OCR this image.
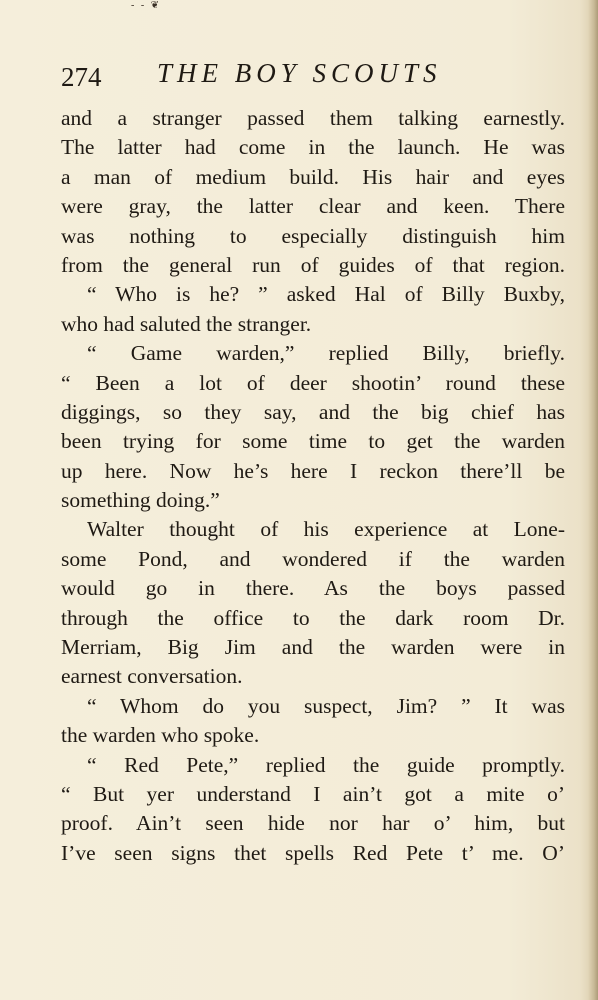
- - ❦
274 THE BOY SCOUTS
and a stranger passed them talking earnestly.
The latter had come in the launch. He was
a man of medium build. His hair and eyes
were gray, the latter clear and keen. There
was nothing to especially distinguish him
from the general run of guides of that region.
“ Who is he? ” asked Hal of Billy Buxby,
who had saluted the stranger.
“ Game warden,” replied Billy, briefly.
“ Been a lot of deer shootin’ round these
diggings, so they say, and the big chief has
been trying for some time to get the warden
up here. Now he’s here I reckon there’ll be
something doing.”
Walter thought of his experience at Lone-
some Pond, and wondered if the warden
would go in there. As the boys passed
through the office to the dark room Dr.
Merriam, Big Jim and the warden were in
earnest conversation.
“ Whom do you suspect, Jim? ” It was
the warden who spoke.
“ Red Pete,” replied the guide promptly.
“ But yer understand I ain’t got a mite o’
proof. Ain’t seen hide nor har o’ him, but
I’ve seen signs thet spells Red Pete t’ me. O’
